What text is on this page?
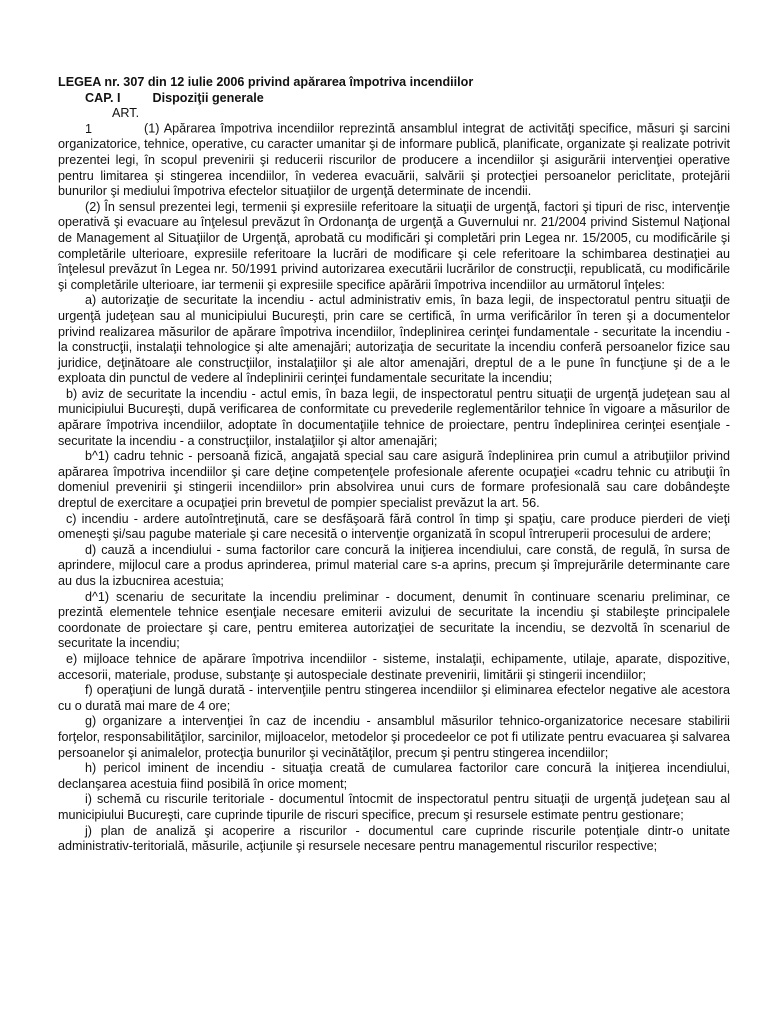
LEGEA nr. 307 din 12 iulie 2006 privind apărarea împotriva incendiilor
CAP. I	Dispoziţii generale

ART. 1	(1) Apărarea împotriva incendiilor reprezintă ansamblul integrat de activităţi specifice, măsuri şi sarcini organizatorice, tehnice, operative, cu caracter umanitar şi de informare publică, planificate, organizate şi realizate potrivit prezentei legi, în scopul prevenirii şi reducerii riscurilor de producere a incendiilor şi asigurării intervenţiei operative pentru limitarea şi stingerea incendiilor, în vederea evacuării, salvării şi protecţiei persoanelor periclitate, protejării bunurilor şi mediului împotriva efectelor situaţiilor de urgenţă determinate de incendii.

(2) În sensul prezentei legi, termenii şi expresiile referitoare la situaţii de urgenţă, factori şi tipuri de risc, intervenţie operativă şi evacuare au înţelesul prevăzut în Ordonanţa de urgenţă a Guvernului nr. 21/2004 privind Sistemul Naţional de Management al Situaţiilor de Urgenţă, aprobată cu modificări şi completări prin Legea nr. 15/2005, cu modificările şi completările ulterioare, expresiile referitoare la lucrări de modificare şi cele referitoare la schimbarea destinaţiei au înţelesul prevăzut în Legea nr. 50/1991 privind autorizarea executării lucrărilor de construcţii, republicată, cu modificările şi completările ulterioare, iar termenii şi expresiile specifice apărării împotriva incendiilor au următorul înţeles:

a) autorizaţie de securitate la incendiu - actul administrativ emis, în baza legii, de inspectoratul pentru situaţii de urgenţă judeţean sau al municipiului Bucureşti, prin care se certifică, în urma verificărilor în teren şi a documentelor privind realizarea măsurilor de apărare împotriva incendiilor, îndeplinirea cerinţei fundamentale - securitate la incendiu - la construcţii, instalaţii tehnologice şi alte amenajări; autorizaţia de securitate la incendiu conferă persoanelor fizice sau juridice, deţinătoare ale construcţiilor, instalaţiilor şi ale altor amenajări, dreptul de a le pune în funcţiune şi de a le exploata din punctul de vedere al îndeplinirii cerinţei fundamentale securitate la incendiu;

b) aviz de securitate la incendiu - actul emis, în baza legii, de inspectoratul pentru situaţii de urgenţă judeţean sau al municipiului Bucureşti, după verificarea de conformitate cu prevederile reglementărilor tehnice în vigoare a măsurilor de apărare împotriva incendiilor, adoptate în documentaţiile tehnice de proiectare, pentru îndeplinirea cerinţei esenţiale - securitate la incendiu - a construcţiilor, instalaţiilor şi altor amenajări;

b^1) cadru tehnic - persoană fizică, angajată special sau care asigură îndeplinirea prin cumul a atribuţiilor privind apărarea împotriva incendiilor şi care deţine competenţele profesionale aferente ocupaţiei «cadru tehnic cu atribuţii în domeniul prevenirii şi stingerii incendiilor» prin absolvirea unui curs de formare profesională sau care dobândeşte dreptul de exercitare a ocupaţiei prin brevetul de pompier specialist prevăzut la art. 56.

c) incendiu - ardere autoîntreţinută, care se desfăşoară fără control în timp şi spaţiu, care produce pierderi de vieţi omeneşti şi/sau pagube materiale şi care necesită o intervenţie organizată în scopul întreruperii procesului de ardere;

d) cauză a incendiului - suma factorilor care concură la iniţierea incendiului, care constă, de regulă, în sursa de aprindere, mijlocul care a produs aprinderea, primul material care s-a aprins, precum şi împrejurările determinante care au dus la izbucnirea acestuia;

d^1) scenariu de securitate la incendiu preliminar - document, denumit în continuare scenariu preliminar, ce prezintă elementele tehnice esenţiale necesare emiterii avizului de securitate la incendiu şi stabileşte principalele coordonate de proiectare şi care, pentru emiterea autorizaţiei de securitate la incendiu, se dezvoltă în scenariul de securitate la incendiu;

e) mijloace tehnice de apărare împotriva incendiilor - sisteme, instalaţii, echipamente, utilaje, aparate, dispozitive, accesorii, materiale, produse, substanţe şi autospeciale destinate prevenirii, limitării şi stingerii incendiilor;

f) operaţiuni de lungă durată - intervenţiile pentru stingerea incendiilor şi eliminarea efectelor negative ale acestora cu o durată mai mare de 4 ore;

g) organizare a intervenţiei în caz de incendiu - ansamblul măsurilor tehnico-organizatorice necesare stabilirii forţelor, responsabilităţilor, sarcinilor, mijloacelor, metodelor şi procedeelor ce pot fi utilizate pentru evacuarea şi salvarea persoanelor şi animalelor, protecţia bunurilor şi vecinătăţilor, precum şi pentru stingerea incendiilor;

h) pericol iminent de incendiu - situaţia creată de cumularea factorilor care concură la iniţierea incendiului, declanşarea acestuia fiind posibilă în orice moment;

i) schemă cu riscurile teritoriale - documentul întocmit de inspectoratul pentru situaţii de urgenţă judeţean sau al municipiului Bucureşti, care cuprinde tipurile de riscuri specifice, precum şi resursele estimate pentru gestionare;

j) plan de analiză şi acoperire a riscurilor - documentul care cuprinde riscurile potenţiale dintr-o unitate administrativ-teritorială, măsurile, acţiunile şi resursele necesare pentru managementul riscurilor respective;
